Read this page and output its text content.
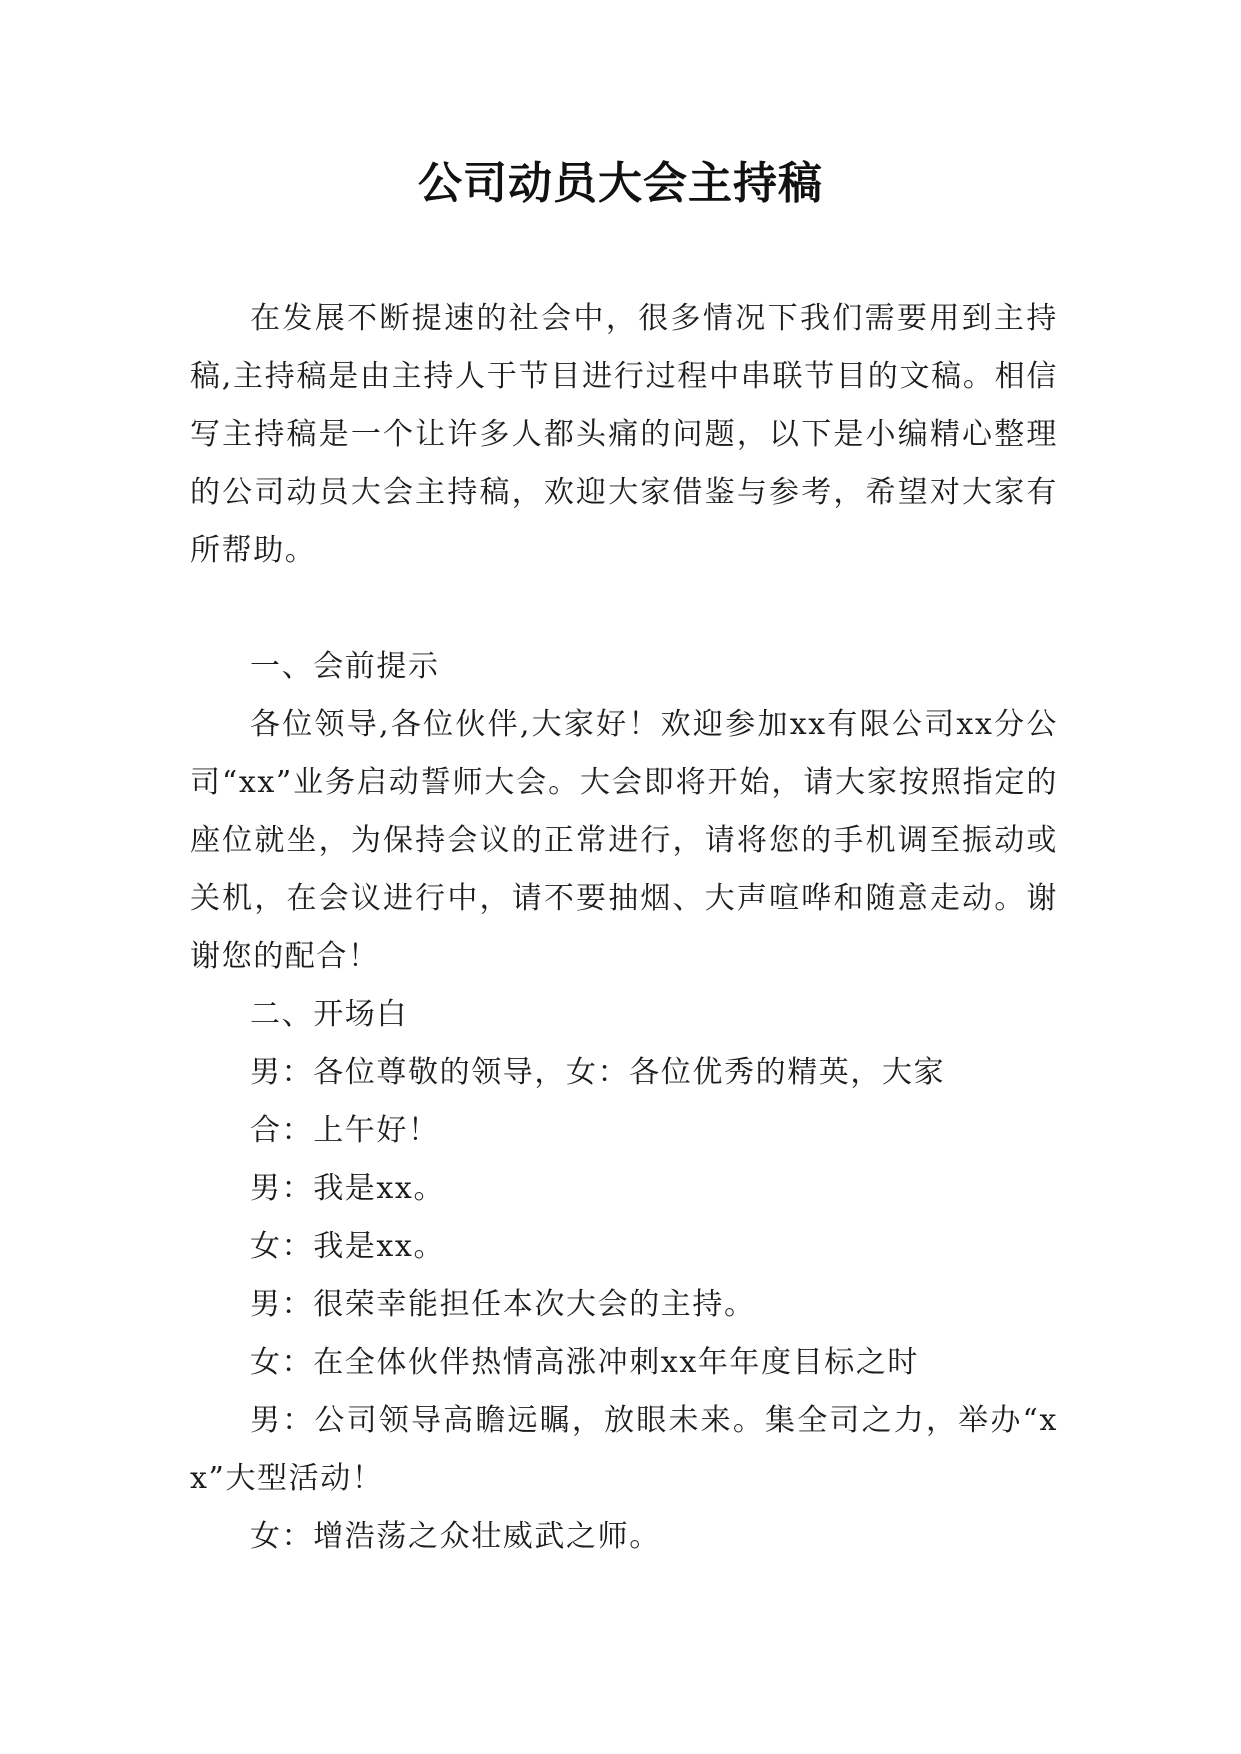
公司动员大会主持稿

在发展不断提速的社会中，很多情况下我们需要用到主持稿,主持稿是由主持人于节目进行过程中串联节目的文稿。相信写主持稿是一个让许多人都头痛的问题，以下是小编精心整理的公司动员大会主持稿，欢迎大家借鉴与参考，希望对大家有所帮助。

一、会前提示

各位领导,各位伙伴,大家好！欢迎参加xx有限公司xx分公司“xx”业务启动誓师大会。大会即将开始，请大家按照指定的座位就坐，为保持会议的正常进行，请将您的手机调至振动或关机，在会议进行中，请不要抽烟、大声喧哗和随意走动。谢谢您的配合！

二、开场白

男：各位尊敬的领导，女：各位优秀的精英，大家

合：上午好！

男：我是xx。

女：我是xx。

男：很荣幸能担任本次大会的主持。

女：在全体伙伴热情高涨冲刺xx年年度目标之时

男：公司领导高瞻远瞩，放眼未来。集全司之力，举办“xx”大型活动！

女：增浩荡之众壮威武之师。
